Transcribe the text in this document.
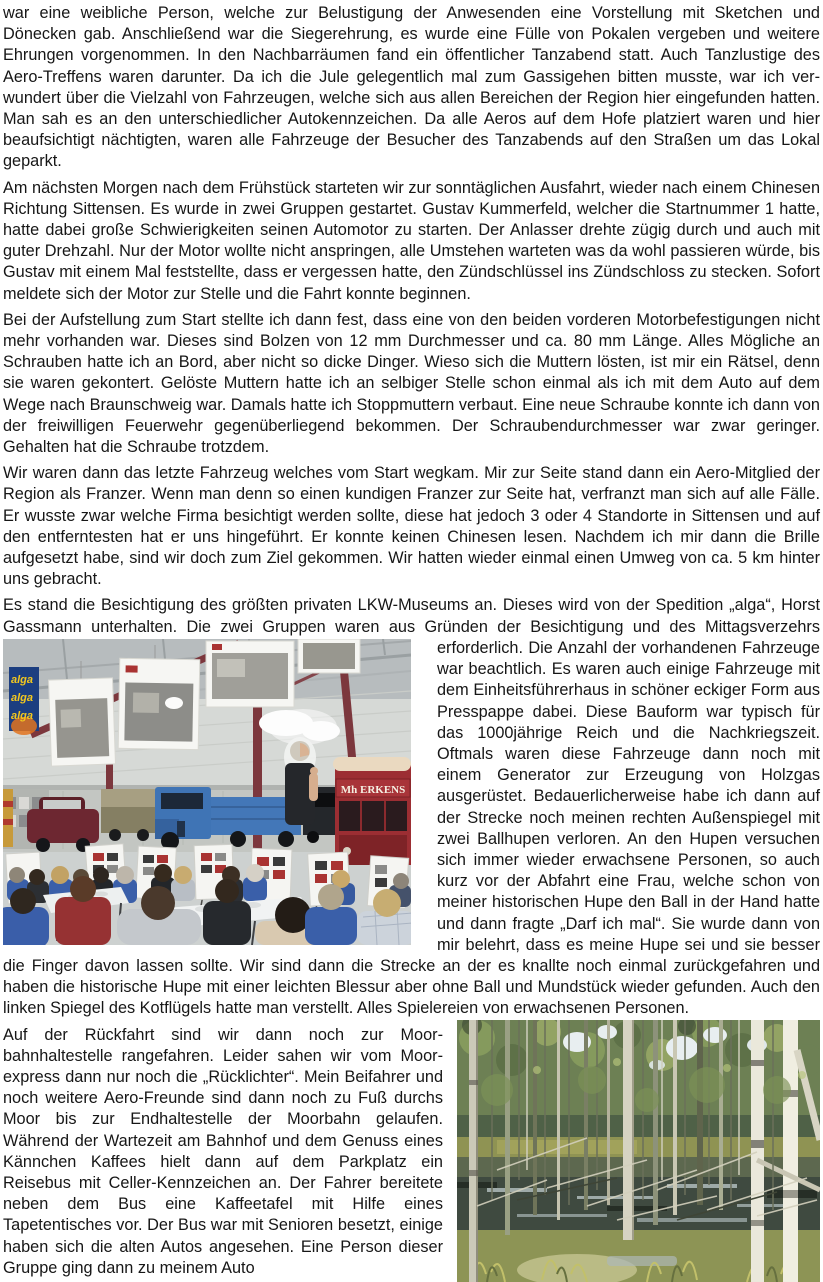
war eine weibliche Person, welche zur Belustigung der Anwesenden eine Vorstellung mit Sketchen und Dönecken gab. Anschließend war die Siegerehrung, es wurde eine Fülle von Pokalen vergeben und weitere Ehrungen vorgenommen. In den Nachbarräumen fand ein öffentlicher Tanzabend statt. Auch Tanzlustige des Aero-Treffens waren darunter. Da ich die Jule gelegentlich mal zum Gassigehen bitten musste, war ich verwundert über die Vielzahl von Fahrzeugen, welche sich aus allen Bereichen der Region hier eingefunden hatten. Man sah es an den unterschiedlicher Autokennzeichen. Da alle Aeros auf dem Hofe platziert waren und hier beaufsichtigt nächtigten, waren alle Fahrzeuge der Besucher des Tanzabends auf den Straßen um das Lokal geparkt.

Am nächsten Morgen nach dem Frühstück starteten wir zur sonntäglichen Ausfahrt, wieder nach einem Chinesen Richtung Sittensen. Es wurde in zwei Gruppen gestartet. Gustav Kummerfeld, welcher die Startnummer 1 hatte, hatte dabei große Schwierigkeiten seinen Automotor zu starten. Der Anlasser drehte zügig durch und auch mit guter Drehzahl. Nur der Motor wollte nicht anspringen, alle Umstehen warteten was da wohl passieren würde, bis Gustav mit einem Mal feststellte, dass er vergessen hatte, den Zündschlüssel ins Zündschloss zu stecken. Sofort meldete sich der Motor zur Stelle und die Fahrt konnte beginnen.

Bei der Aufstellung zum Start stellte ich dann fest, dass eine von den beiden vorderen Motorbefestigungen nicht mehr vorhanden war. Dieses sind Bolzen von 12 mm Durchmesser und ca. 80 mm Länge. Alles Mögliche an Schrauben hatte ich an Bord, aber nicht so dicke Dinger. Wieso sich die Muttern lösten, ist mir ein Rätsel, denn sie waren gekontert. Gelöste Muttern hatte ich an selbiger Stelle schon einmal als ich mit dem Auto auf dem Wege nach Braunschweig war. Damals hatte ich Stoppmuttern verbaut. Eine neue Schraube konnte ich dann von der freiwilligen Feuerwehr gegenüberliegend bekommen. Der Schraubendurchmesser war zwar geringer. Gehalten hat die Schraube trotzdem.

Wir waren dann das letzte Fahrzeug welches vom Start wegkam. Mir zur Seite stand dann ein Aero-Mitglied der Region als Franzer. Wenn man denn so einen kundigen Franzer zur Seite hat, verfranzt man sich auf alle Fälle. Er wusste zwar welche Firma besichtigt werden sollte, diese hat jedoch 3 oder 4 Standorte in Sittensen und auf den entferntesten hat er uns hingeführt. Er konnte keinen Chinesen lesen. Nachdem ich mir dann die Brille aufgesetzt habe, sind wir doch zum Ziel gekommen. Wir hatten wieder einmal einen Umweg von ca. 5 km hinter uns gebracht.

Es stand die Besichtigung des größten privaten LKW-Museums an. Dieses wird von der Spedition „alga“, Horst Gassmann unterhalten. Die zwei Gruppen waren aus Gründen der Besichtigung und des Mittagsverzehrs
alga
alga
alga
Mh ERKENS
erforderlich. Die Anzahl der vorhandenen Fahrzeuge war beachtlich. Es waren auch einige Fahrzeuge mit dem Einheitsführerhaus in schöner eckiger Form aus Presspappe dabei. Diese Bauform war typisch für das 1000jährige Reich und die Nachkriegszeit. Oftmals waren diese Fahrzeuge dann noch mit einem Generator zur Erzeugung von Holzgas ausgerüstet. Bedauerlicherweise habe ich dann auf der Strecke noch meinen rechten Außenspiegel mit zwei Ballhupen verloren. An den Hupen versuchen sich immer wieder erwachsene Personen, so auch kurz vor der Abfahrt eine Frau, welche schon von meiner historischen Hupe den Ball in der Hand hatte und dann fragte „Darf ich mal“. Sie wurde dann von mir belehrt, dass es meine Hupe sei und sie besser die Finger davon lassen sollte. Wir sind dann die Strecke an der es knallte noch einmal zurückgefahren und haben die historische Hupe mit einer leichten Blessur aber ohne Ball und Mundstück wieder gefunden. Auch den linken Spiegel des Kotflügels hatte man verstellt. Alles Spielereien von erwachsenen Personen.

Auf der Rückfahrt sind wir dann noch zur Moorbahnhaltestelle rangefahren. Leider sahen wir vom Moorexpress dann nur noch die „Rücklichter“. Mein Beifahrer und noch weitere Aero-Freunde sind dann noch zu Fuß durchs Moor bis zur Endhaltestelle der Moorbahn gelaufen. Während der Wartezeit am Bahnhof und dem Genuss eines Kännchen Kaffees hielt dann auf dem Parkplatz ein Reisebus mit Celler-Kennzeichen an. Der Fahrer bereitete neben dem Bus eine Kaffeetafel mit Hilfe eines Tapetentisches vor. Der Bus war mit Senioren besetzt, einige haben sich die alten Autos angesehen. Eine Person dieser Gruppe ging dann zu meinem Auto
